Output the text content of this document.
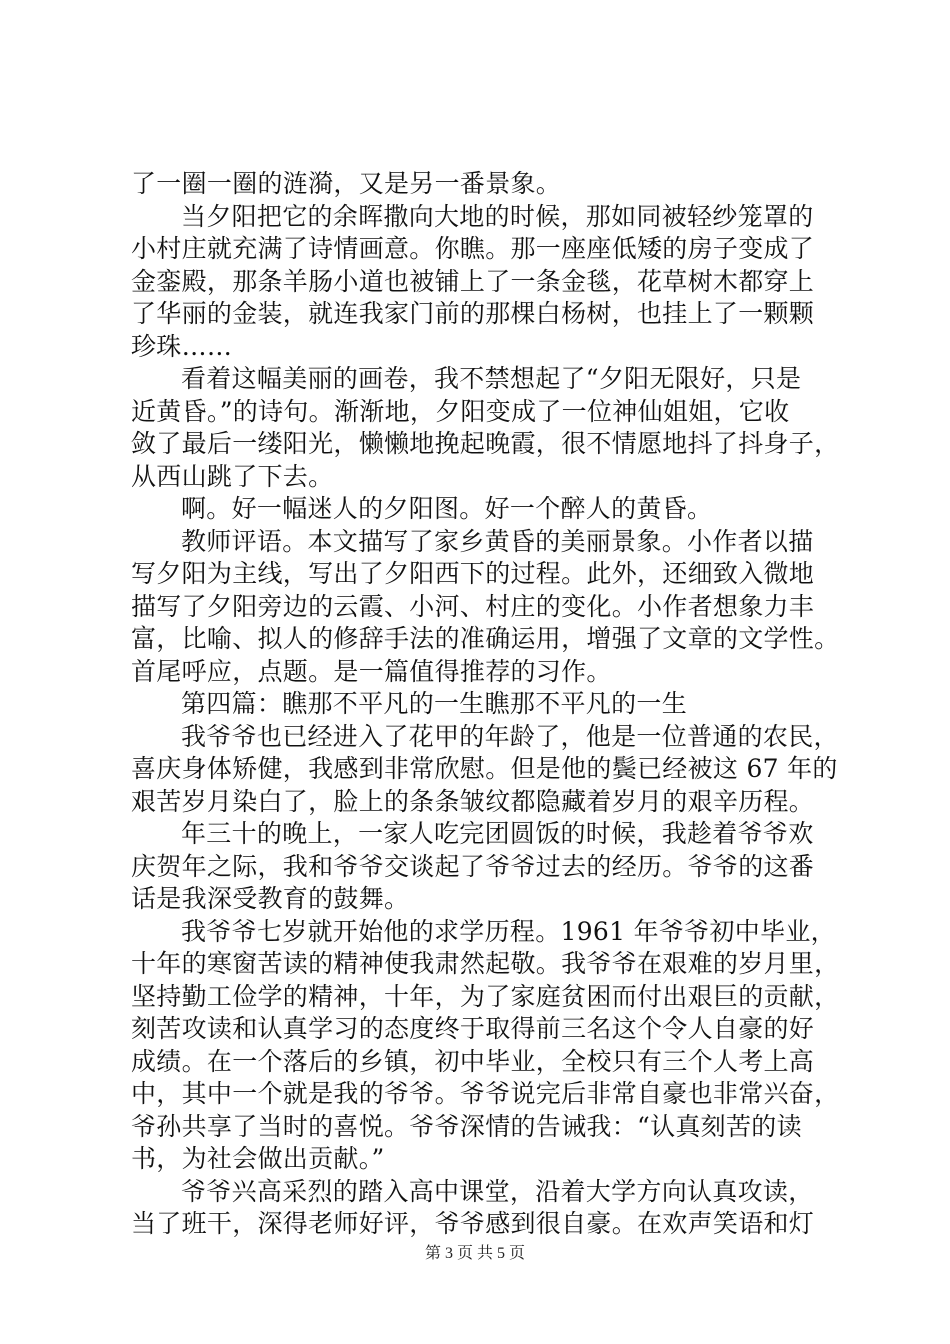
了一圈一圈的涟漪，又是另一番景象。
当夕阳把它的余晖撒向大地的时候，那如同被轻纱笼罩的
小村庄就充满了诗情画意。你瞧。那一座座低矮的房子变成了
金銮殿，那条羊肠小道也被铺上了一条金毯，花草树木都穿上
了华丽的金装，就连我家门前的那棵白杨树，也挂上了一颗颗
珍珠……
看着这幅美丽的画卷，我不禁想起了“夕阳无限好，只是
近黄昏。”的诗句。渐渐地，夕阳变成了一位神仙姐姐，它收
敛了最后一缕阳光，懒懒地挽起晚霞，很不情愿地抖了抖身子，
从西山跳了下去。
啊。好一幅迷人的夕阳图。好一个醉人的黄昏。
教师评语。本文描写了家乡黄昏的美丽景象。小作者以描
写夕阳为主线，写出了夕阳西下的过程。此外，还细致入微地
描写了夕阳旁边的云霞、小河、村庄的变化。小作者想象力丰
富，比喻、拟人的修辞手法的准确运用，增强了文章的文学性。
首尾呼应，点题。是一篇值得推荐的习作。
第四篇：瞧那不平凡的一生瞧那不平凡的一生
我爷爷也已经进入了花甲的年龄了，他是一位普通的农民，
喜庆身体矫健，我感到非常欣慰。但是他的鬓已经被这 67 年的
艰苦岁月染白了，脸上的条条皱纹都隐藏着岁月的艰辛历程。
年三十的晚上，一家人吃完团圆饭的时候，我趁着爷爷欢
庆贺年之际，我和爷爷交谈起了爷爷过去的经历。爷爷的这番
话是我深受教育的鼓舞。
我爷爷七岁就开始他的求学历程。1961 年爷爷初中毕业，
十年的寒窗苦读的精神使我肃然起敬。我爷爷在艰难的岁月里，
坚持勤工俭学的精神，十年，为了家庭贫困而付出艰巨的贡献，
刻苦攻读和认真学习的态度终于取得前三名这个令人自豪的好
成绩。在一个落后的乡镇，初中毕业，全校只有三个人考上高
中，其中一个就是我的爷爷。爷爷说完后非常自豪也非常兴奋，
爷孙共享了当时的喜悦。爷爷深情的告诫我：“认真刻苦的读
书，为社会做出贡献。”
爷爷兴高采烈的踏入高中课堂，沿着大学方向认真攻读，
当了班干，深得老师好评，爷爷感到很自豪。在欢声笑语和灯
第 3 页 共 5 页
